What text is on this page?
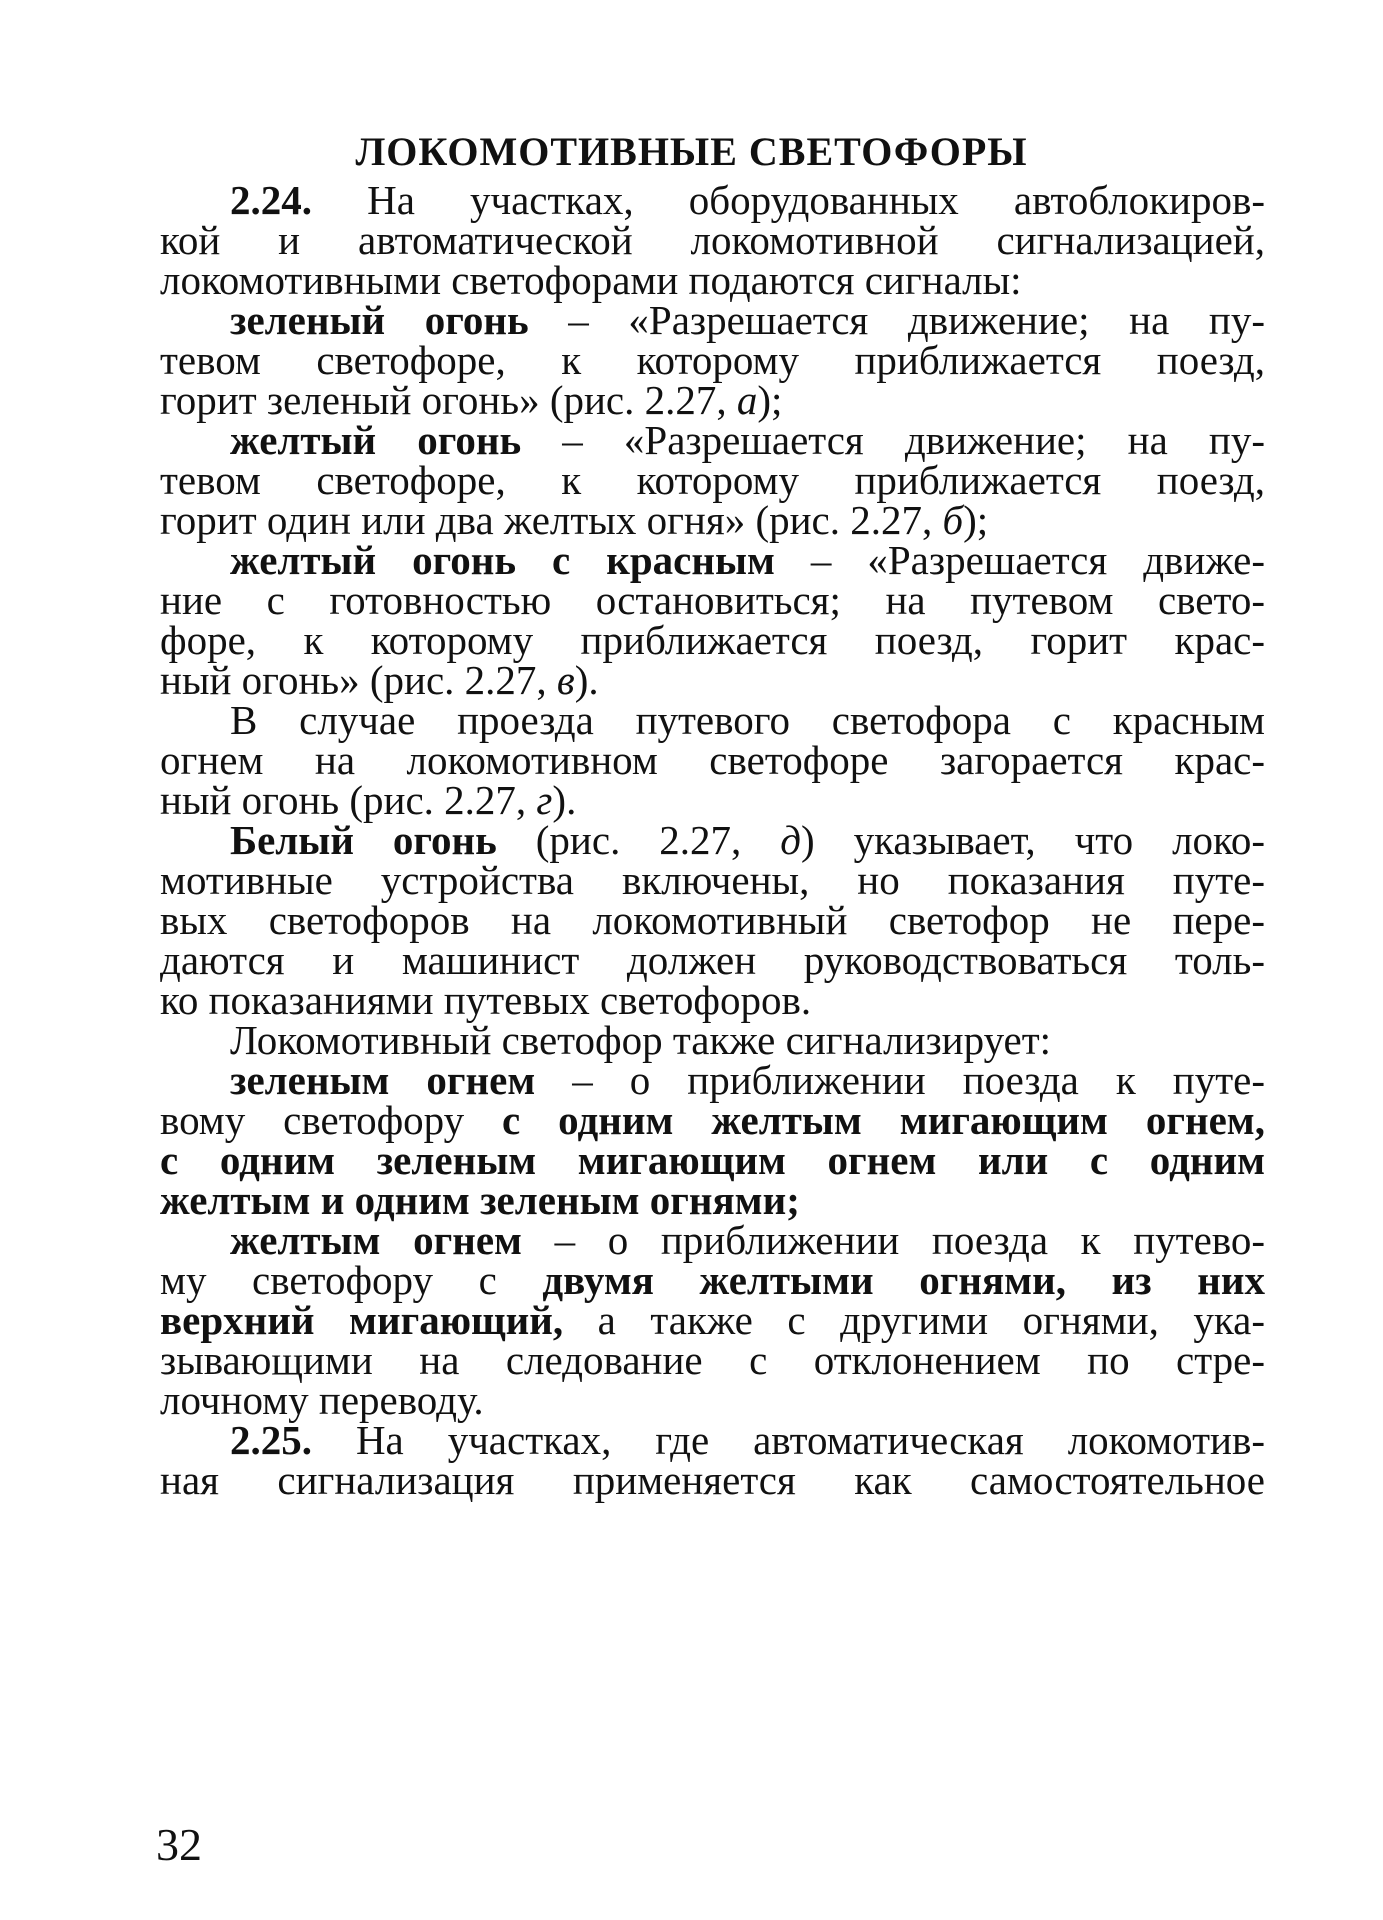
ЛОКОМОТИВНЫЕ СВЕТОФОРЫ
2.24. На участках, оборудованных автоблокиров-
кой и автоматической локомотивной сигнализацией,
локомотивными светофорами подаются сигналы:
зеленый огонь – «Разрешается движение; на пу-
тевом светофоре, к которому приближается поезд,
горит зеленый огонь» (рис. 2.27, а);
желтый огонь – «Разрешается движение; на пу-
тевом светофоре, к которому приближается поезд,
горит один или два желтых огня» (рис. 2.27, б);
желтый огонь с красным – «Разрешается движе-
ние с готовностью остановиться; на путевом свето-
форе, к которому приближается поезд, горит крас-
ный огонь» (рис. 2.27, в).
В случае проезда путевого светофора с красным
огнем на локомотивном светофоре загорается крас-
ный огонь (рис. 2.27, г).
Белый огонь (рис. 2.27, д) указывает, что локо-
мотивные устройства включены, но показания путе-
вых светофоров на локомотивный светофор не пере-
даются и машинист должен руководствоваться толь-
ко показаниями путевых светофоров.
Локомотивный светофор также сигнализирует:
зеленым огнем – о приближении поезда к путе-
вому светофору с одним желтым мигающим огнем,
с одним зеленым мигающим огнем или с одним
желтым и одним зеленым огнями;
желтым огнем – о приближении поезда к путево-
му светофору с двумя желтыми огнями, из них
верхний мигающий, а также с другими огнями, ука-
зывающими на следование с отклонением по стре-
лочному переводу.
2.25. На участках, где автоматическая локомотив-
ная сигнализация применяется как самостоятельное
32
